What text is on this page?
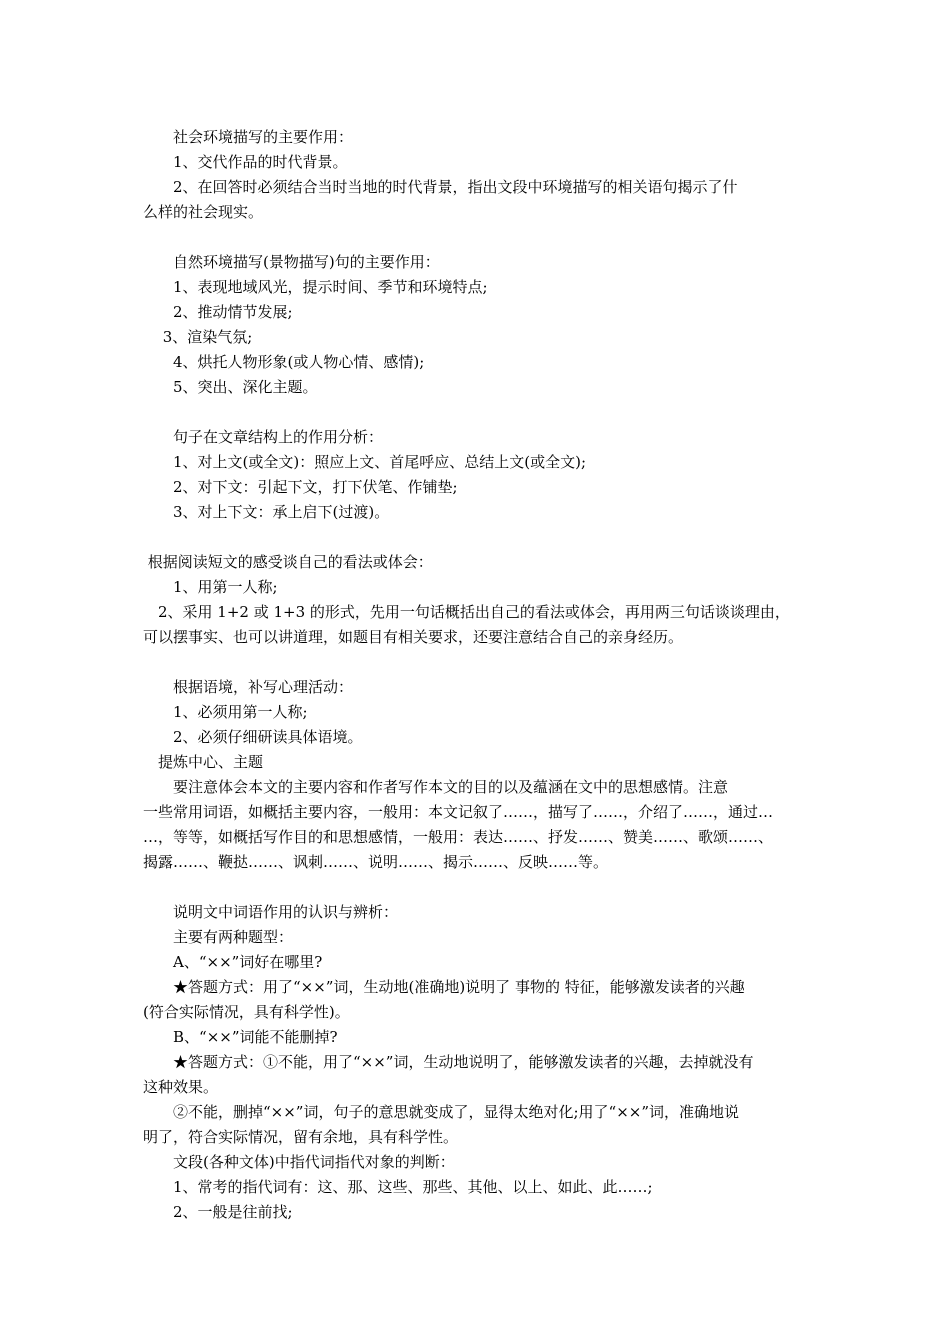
　　社会环境描写的主要作用：
　　1、交代作品的时代背景。
　　2、在回答时必须结合当时当地的时代背景，指出文段中环境描写的相关语句揭示了什
么样的社会现实。
　　自然环境描写(景物描写)句的主要作用：
　　1、表现地域风光，提示时间、季节和环境特点;
　　2、推动情节发展;
　 3、渲染气氛;
　　4、烘托人物形象(或人物心情、感情);
　　5、突出、深化主题。
　　句子在文章结构上的作用分析：
　　1、对上文(或全文)：照应上文、首尾呼应、总结上文(或全文);
　　2、对下文：引起下文，打下伏笔、作铺垫;
　　3、对上下文：承上启下(过渡)。
根据阅读短文的感受谈自己的看法或体会：
　　1、用第一人称;
　2、采用 1+2 或 1+3 的形式，先用一句话概括出自己的看法或体会，再用两三句话谈谈理由，
可以摆事实、也可以讲道理，如题目有相关要求，还要注意结合自己的亲身经历。
　　根据语境，补写心理活动：
　　1、必须用第一人称;
　　2、必须仔细研读具体语境。
　提炼中心、主题
　　要注意体会本文的主要内容和作者写作本文的目的以及蕴涵在文中的思想感情。注意
一些常用词语，如概括主要内容，一般用：本文记叙了……，描写了……，介绍了……，通过…
…，等等，如概括写作目的和思想感情，一般用：表达……、抒发……、赞美……、歌颂……、
揭露……、鞭挞……、讽刺……、说明……、揭示……、反映……等。
　　说明文中词语作用的认识与辨析：
　　主要有两种题型：
　　A、“××”词好在哪里?
　　★答题方式：用了“××”词，生动地(准确地)说明了 事物的 特征，能够激发读者的兴趣
(符合实际情况，具有科学性)。
　　B、“××”词能不能删掉?
　　★答题方式：①不能，用了“××”词，生动地说明了，能够激发读者的兴趣，去掉就没有
这种效果。
　　②不能，删掉“××”词，句子的意思就变成了，显得太绝对化;用了“××”词，准确地说
明了，符合实际情况，留有余地，具有科学性。
　　文段(各种文体)中指代词指代对象的判断：
　　1、常考的指代词有：这、那、这些、那些、其他、以上、如此、此……;
　　2、一般是往前找;
